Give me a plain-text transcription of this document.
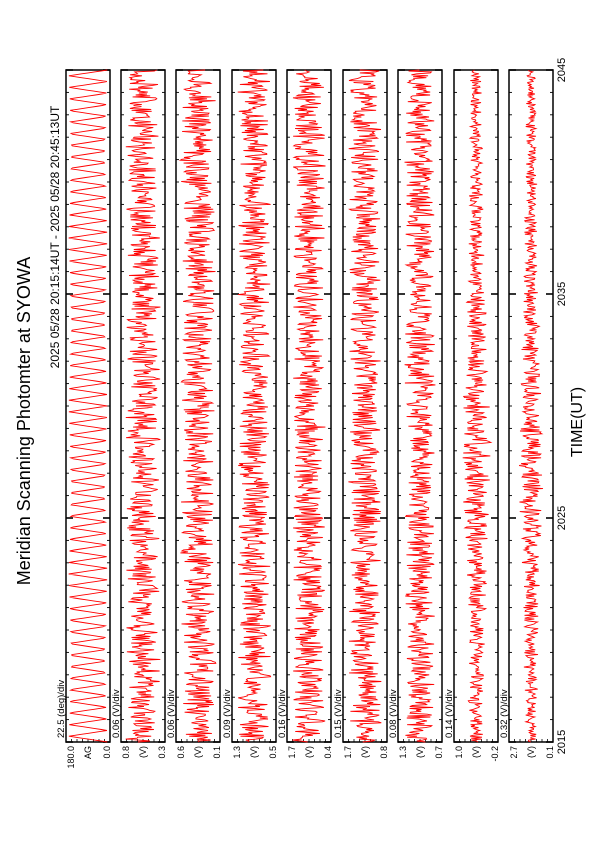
Meridian Scanning Photomter at SYOWA
2025 05/28 20:15:14UT - 2025 05/28 20:45:13UT
TIME(UT)
22.5 (deg)/div
180.0 AG 0.0
0.06 (V)/div
0.8 (V) 0.3
0.06 (V)/div
0.6 (V) 0.1
0.09 (V)/div
1.3 (V) 0.5
0.16 (V)/div
1.7 (V) 0.4
0.15 (V)/div
1.7 (V) 0.8
0.08 (V)/div
1.3 (V) 0.7
0.14 (V)/div
1.0 (V) -0.2
0.32 (V)/div
2.7 (V) 0.1 2015
2025
2035
2045
